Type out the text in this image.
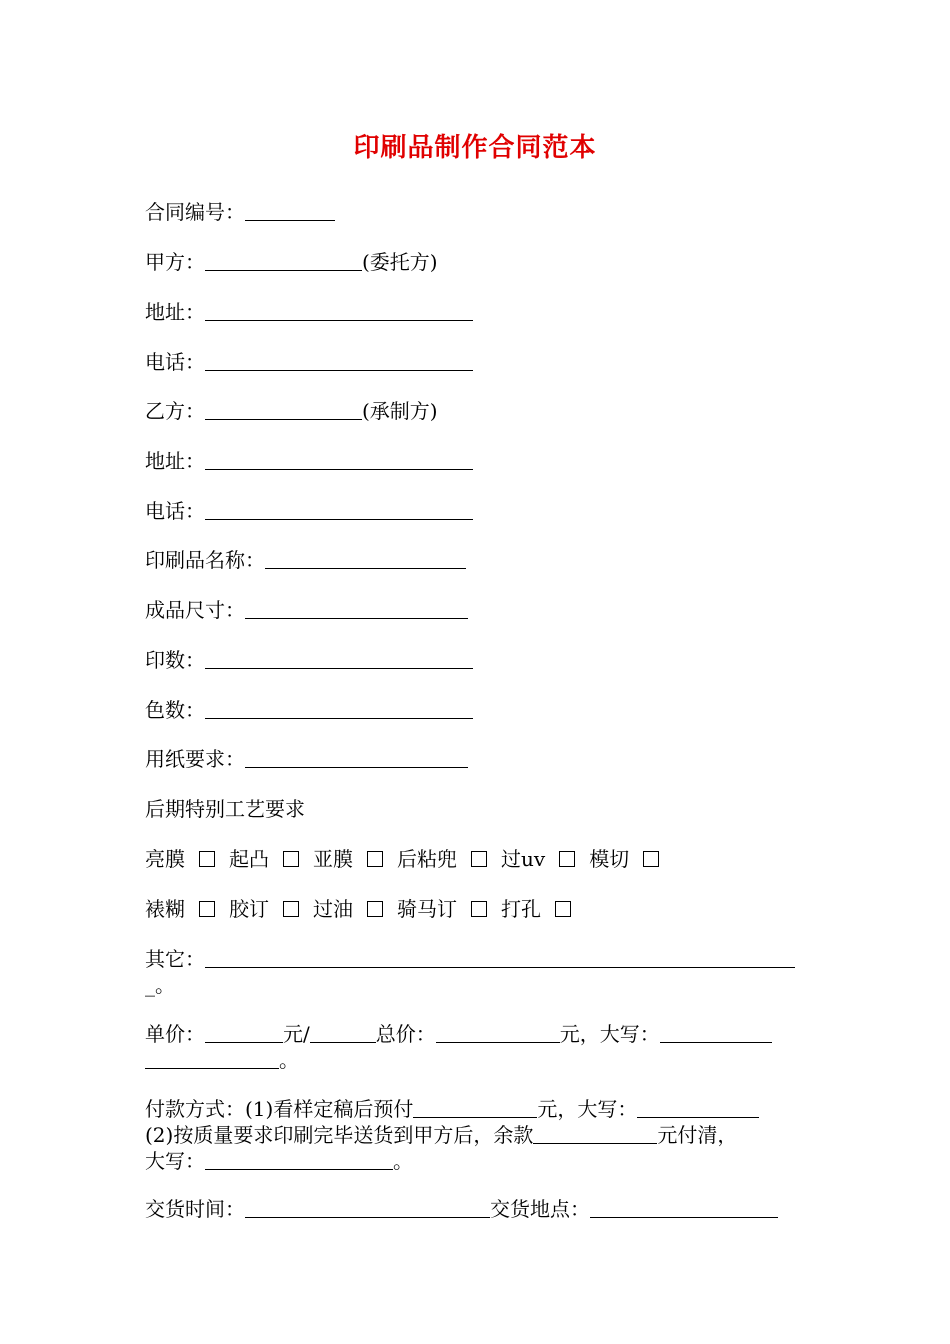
印刷品制作合同范本
合同编号：
甲方：	(委托方)
地址：
电话：
乙方：	(承制方)
地址：
电话：
印刷品名称：
成品尺寸：
印数：
色数：
用纸要求：
后期特别工艺要求
亮膜 起凸 亚膜 后粘兜 过uv 模切
裱糊 胶订 过油 骑马订 打孔
其它：
_。
单价：	元/	总价：	元，大写：
。
付款方式：(1)看样定稿后预付	元，大写：
(2)按质量要求印刷完毕送货到甲方后，余款	元付清，
大写：	。
交货时间：	交货地点：
